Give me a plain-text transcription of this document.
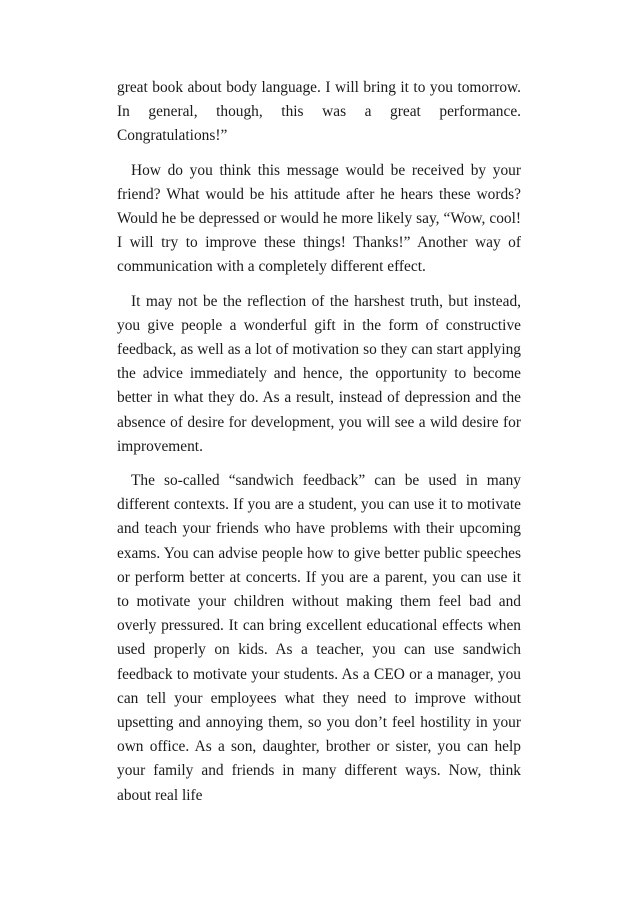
great book about body language. I will bring it to you tomorrow. In general, though, this was a great performance. Congratulations!”

How do you think this message would be received by your friend? What would be his attitude after he hears these words? Would he be depressed or would he more likely say, “Wow, cool! I will try to improve these things! Thanks!” Another way of communication with a completely different effect.

It may not be the reflection of the harshest truth, but instead, you give people a wonderful gift in the form of constructive feedback, as well as a lot of motivation so they can start applying the advice immediately and hence, the opportunity to become better in what they do. As a result, instead of depression and the absence of desire for development, you will see a wild desire for improvement.

The so-called “sandwich feedback” can be used in many different contexts. If you are a student, you can use it to motivate and teach your friends who have problems with their upcoming exams. You can advise people how to give better public speeches or perform better at concerts. If you are a parent, you can use it to motivate your children without making them feel bad and overly pressured. It can bring excellent educational effects when used properly on kids. As a teacher, you can use sandwich feedback to motivate your students. As a CEO or a manager, you can tell your employees what they need to improve without upsetting and annoying them, so you don’t feel hostility in your own office. As a son, daughter, brother or sister, you can help your family and friends in many different ways. Now, think about real life
